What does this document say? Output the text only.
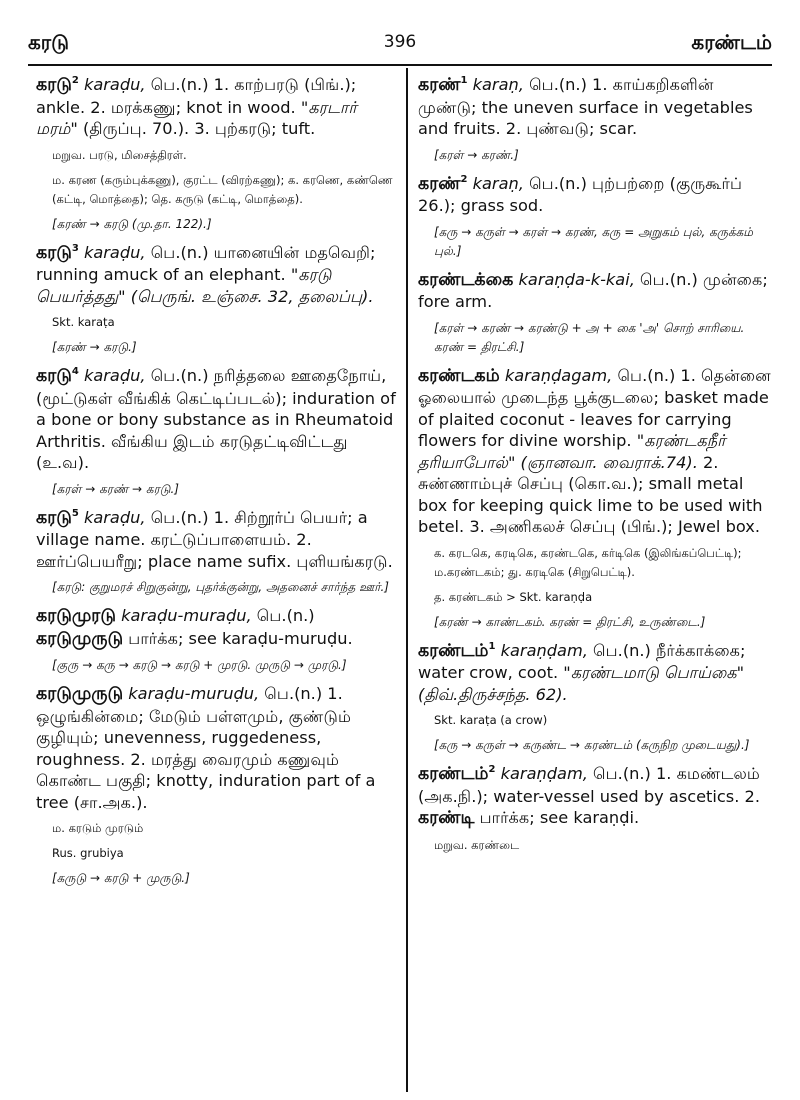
கரடு	396	கரண்டம்
கரடு$^2$ karaḍu, பெ.(n.) 1. காற்பரடு (பிங்.); ankle. 2. மரக்கணு; knot in wood. "கரடார் மரம்" (திருப்பு. 70.). 3. புற்கரடு; tuft.
மறுவ. பரடு, மிசைத்திரள்.
ம. கரண (கரும்புக்கணு), குரட்ட (விரற்கணு); க. கரணெ, கண்ணெ (கட்டி, மொத்தை); தெ. கருடு (கட்டி, மொத்தை).
[கரண் → கரடு (மு.தா. 122).]
கரடு$^3$ karaḍu, பெ.(n.) யானையின் மதவெறி; running amuck of an elephant. "கரடு பெயர்த்தது" (பெருங். உஞ்சை. 32, தலைப்பு).
Skt. karaṭa
[கரண் → கரடு.]
கரடு$^4$ karaḍu, பெ.(n.) நரித்தலை ஊதைநோய், (மூட்டுகள் வீங்கிக் கெட்டிப்படல்); induration of a bone or bony substance as in Rheumatoid Arthritis. வீங்கிய இடம் கரடுதட்டிவிட்டது (உ.வ).
[கரள் → கரண் → கரடு.]
கரடு$^5$ karaḍu, பெ.(n.) 1. சிற்றூர்ப் பெயர்; a village name. கரட்டுப்பாளையம். 2. ஊர்ப்பெயரீறு; place name sufix. புளியங்கரடு.
[கரடு: குறுமரச் சிறுகுன்று, புதர்க்குன்று, அதனைச் சார்ந்த ஊர்.]
கரடுமுரடு karaḍu-muraḍu, பெ.(n.) கரடுமுருடு பார்க்க; see karaḍu-muruḍu.
[குரு → கரு → கரடு → கரடு + முரடு. முருடு → முரடு.]
கரடுமுருடு karaḍu-muruḍu, பெ.(n.) 1. ஒழுங்கின்மை; மேடும் பள்ளமும், குண்டும் குழியும்; unevenness, ruggedeness, roughness. 2. மரத்து வைரமும் கணுவும் கொண்ட பகுதி; knotty, induration part of a tree (சா.அக.).
ம. கரடும் முரடும்
Rus. grubiya
[கருடு → கரடு + முருடு.]
கரண்$^1$ karaṇ, பெ.(n.) 1. காய்கறிகளின் முண்டு; the uneven surface in vegetables and fruits. 2. புண்வடு; scar.
[கரள் → கரண்.]
கரண்$^2$ karaṇ, பெ.(n.) புற்பற்றை (குருகூர்ப் 26.); grass sod.
[கரு → கருள் → கரள் → கரண், கரு = அறுகம் புல், கருக்கம் புல்.]
கரண்டக்கை karaṇḍa-k-kai, பெ.(n.) முன்கை; fore arm.
[கரள் → கரண் → கரண்டு + அ + கை 'அ' சொற் சாரியை. கரண் = திரட்சி.]
கரண்டகம் karaṇḍagam, பெ.(n.) 1. தென்னை ஓலையால் முடைந்த பூக்குடலை; basket made of plaited coconut - leaves for carrying flowers for divine worship. "கரண்டகநீர் தரியாபோல்" (ஞானவா. வைராக்.74). 2. சுண்ணாம்புச் செப்பு (கொ.வ.); small metal box for keeping quick lime to be used with betel. 3. அணிகலச் செப்பு (பிங்.); Jewel box.
க. கரடகெ, கரடிகெ, கரண்டகெ, கர்டிகெ (இலிங்கப்பெட்டி); ம.கரண்டகம்; து. கரடிகெ (சிறுபெட்டி).
த. கரண்டகம் > Skt. karaṇḍa
[கரண் → காண்டகம். கரண் = திரட்சி, உருண்டை.]
கரண்டம்$^1$ karaṇḍam, பெ.(n.) நீர்க்காக்கை; water crow, coot. "கரண்டமாடு பொய்கை" (திவ்.திருச்சந்த. 62).
Skt. karaṭa (a crow)
[கரு → கருள் → கருண்ட → கரண்டம் (கருநிற முடையது).]
கரண்டம்$^2$ karaṇḍam, பெ.(n.) 1. கமண்டலம் (அக.நி.); water-vessel used by ascetics. 2. கரண்டி பார்க்க; see karaṇḍi.
மறுவ. கரண்டை
